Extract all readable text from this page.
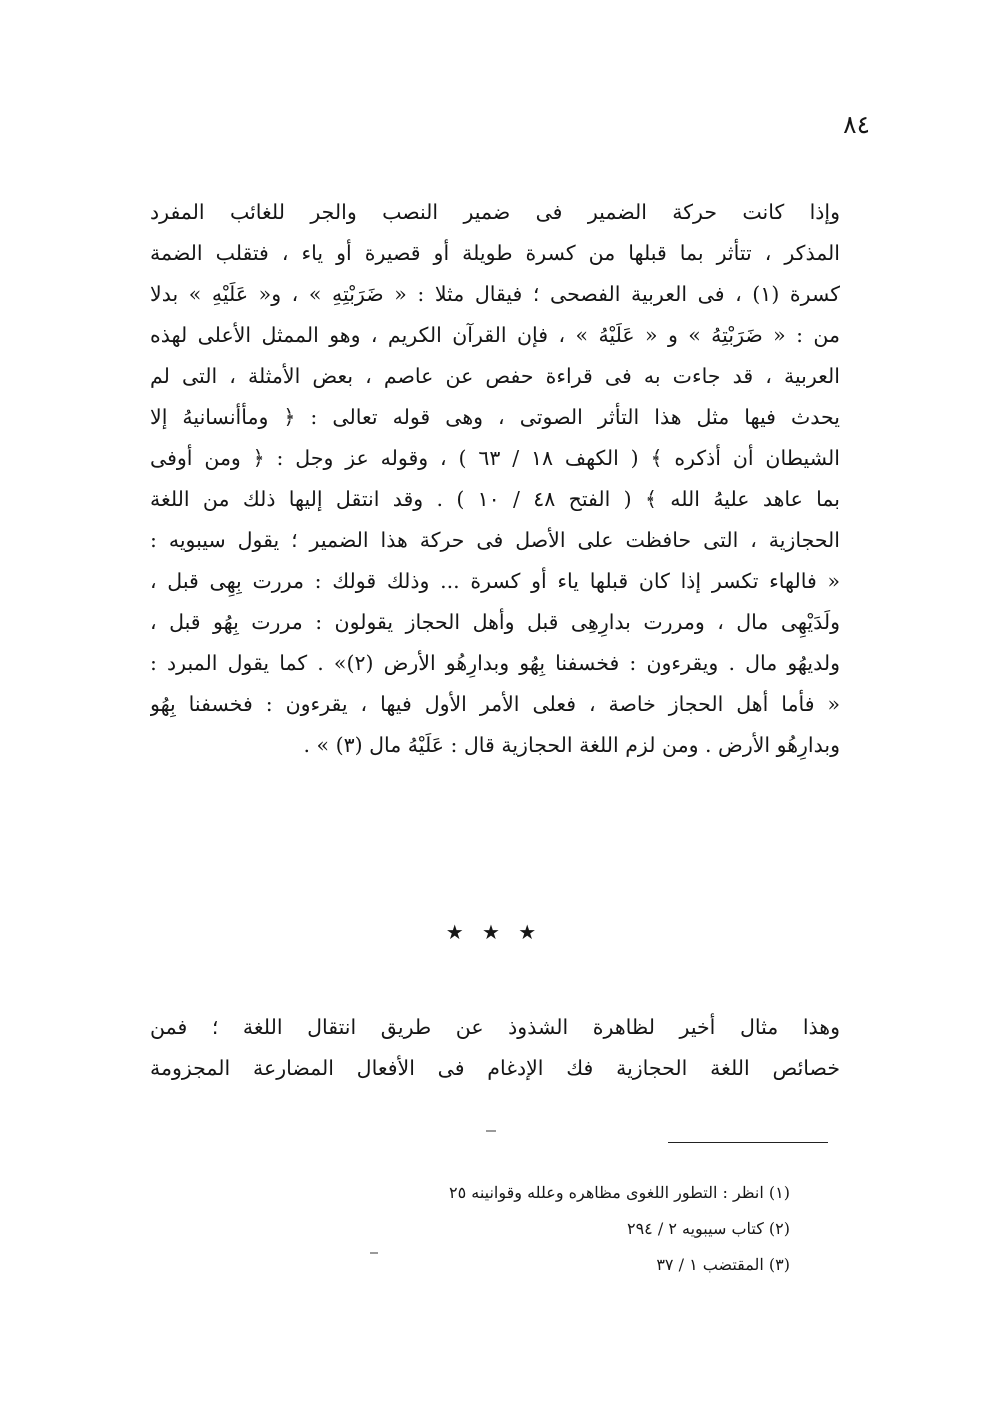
٨٤
وإذا كانت حركة الضمير فى ضمير النصب والجر للغائب المفرد
المذكر ، تتأثر بما قبلها من كسرة طويلة أو قصيرة أو ياء ، فتقلب الضمة
كسرة (١) ، فى العربية الفصحى ؛ فيقال مثلا : « ضَرَبْتِهِ » ، و« عَلَيْهِ » بدلا
من : « ضَرَبْتِهُ » و « عَلَيْهُ » ، فإن القرآن الكريم ، وهو الممثل الأعلى لهذه
العربية ، قد جاءت به فى قراءة حفص عن عاصم ، بعض الأمثلة ، التى لم
يحدث فيها مثل هذا التأثر الصوتى ، وهى قوله تعالى : ﴿ ومأأنسانيهُ إلا
الشيطان أن أذكره ﴾ ( الكهف ١٨ / ٦٣ ) ، وقوله عز وجل : ﴿ ومن أوفى
بما عاهد عليهُ الله ﴾ ( الفتح ٤٨ / ١٠ ) . وقد انتقل إليها ذلك من اللغة
الحجازية ، التى حافظت على الأصل فى حركة هذا الضمير ؛ يقول سيبويه :
« فالهاء تكسر إذا كان قبلها ياء أو كسرة ... وذلك قولك : مررت بِهِى قبل ،
ولَدَيْهِى مال ، ومررت بدارِهِى قبل وأهل الحجاز يقولون : مررت بِهُو قبل ،
ولديهُو مال . ويقرءون : فخسفنا بِهُو وبدارِهُو الأرض (٢)» . كما يقول المبرد :
« فأما أهل الحجاز خاصة ، فعلى الأمر الأول فيها ، يقرءون : فخسفنا بِهُو
وبدارِهُو الأرض . ومن لزم اللغة الحجازية قال : عَلَيْهُ مال (٣) » .
★ ★ ★
وهذا مثال أخير لظاهرة الشذوذ عن طريق انتقال اللغة ؛ فمن
خصائص اللغة الحجازية فك الإدغام فى الأفعال المضارعة المجزومة
(١) انظر : التطور اللغوى مظاهره وعلله وقوانينه ٢٥
(٢) كتاب سيبويه ٢ / ٢٩٤
(٣) المقتضب ١ / ٣٧
